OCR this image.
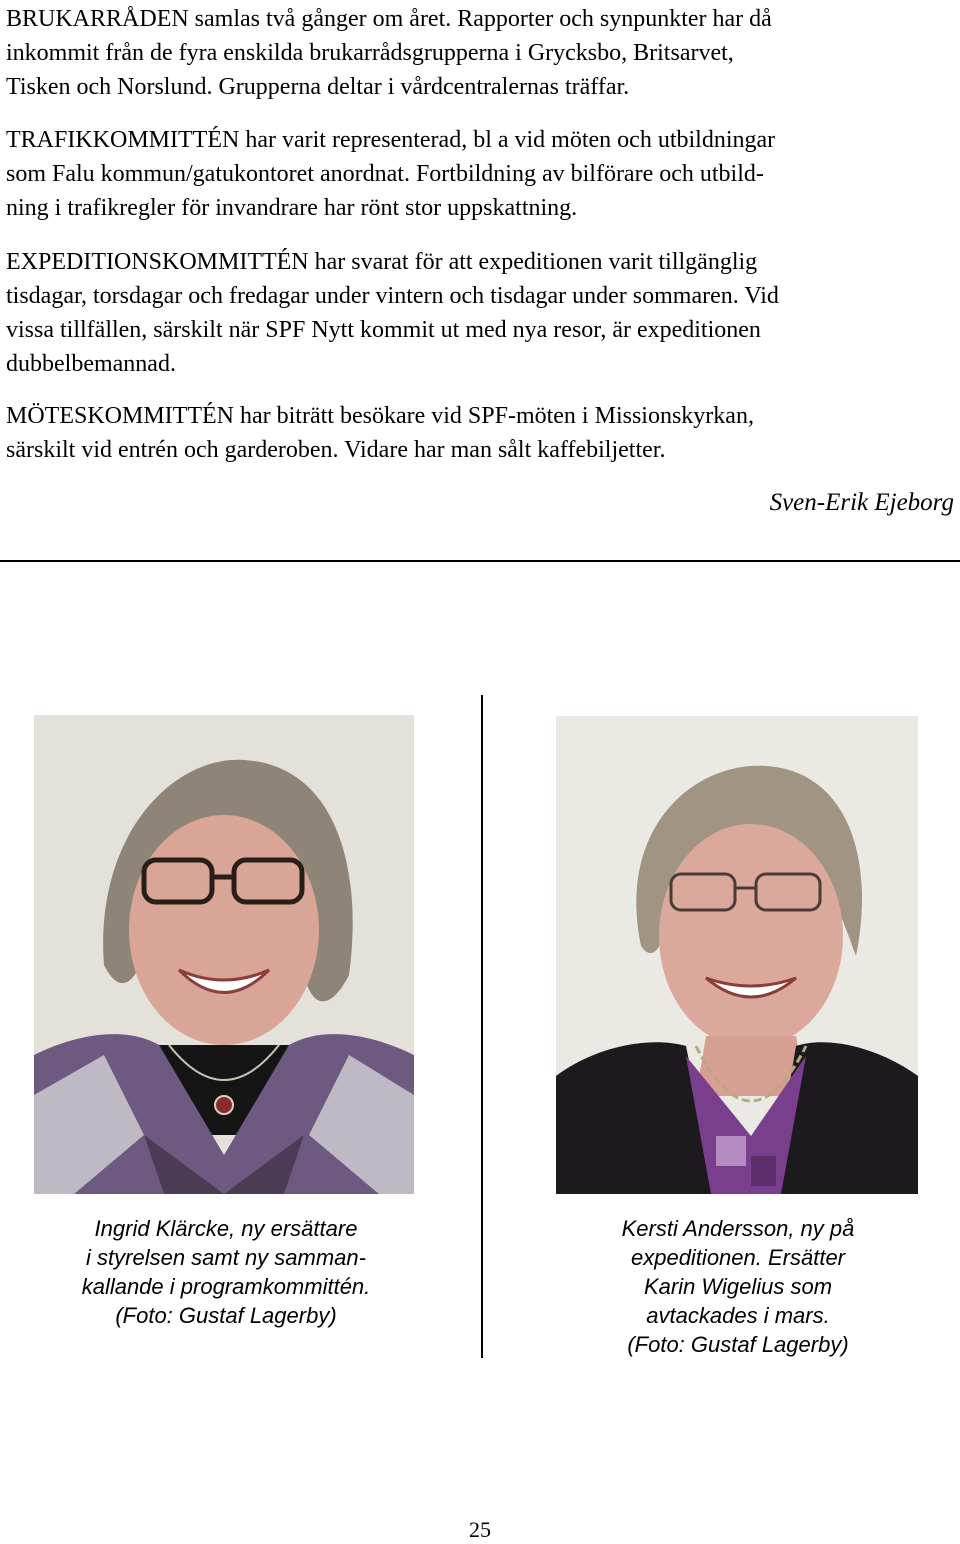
BRUKARRÅDEN samlas två gånger om året. Rapporter och synpunkter har då
inkommit från de fyra enskilda brukarrådsgrupperna i Grycksbo, Britsarvet,
Tisken och Norslund. Grupperna deltar i vårdcentralernas träffar.

TRAFIKKOMMITTÉN har varit representerad, bl a vid möten och utbildningar
som Falu kommun/gatukontoret anordnat. Fortbildning av bilförare och utbild-
ning i trafikregler för invandrare har rönt stor uppskattning.

EXPEDITIONSKOMMITTÉN har svarat för att expeditionen varit tillgänglig
tisdagar, torsdagar och fredagar under vintern och tisdagar under sommaren. Vid
vissa tillfällen, särskilt när SPF Nytt kommit ut med nya resor, är expeditionen
dubbelbemannad.

MÖTESKOMMITTÉN har biträtt besökare vid SPF-möten i Missionskyrkan,
särskilt vid entrén och garderoben. Vidare har man sålt kaffebiljetter.

Sven-Erik Ejeborg

Ingrid Klärcke, ny ersättare
i styrelsen samt ny samman-
kallande i programkommittén.
(Foto: Gustaf Lagerby)

Kersti Andersson, ny på
expeditionen. Ersätter
Karin Wigelius som
avtackades i mars.
(Foto: Gustaf Lagerby)

25
